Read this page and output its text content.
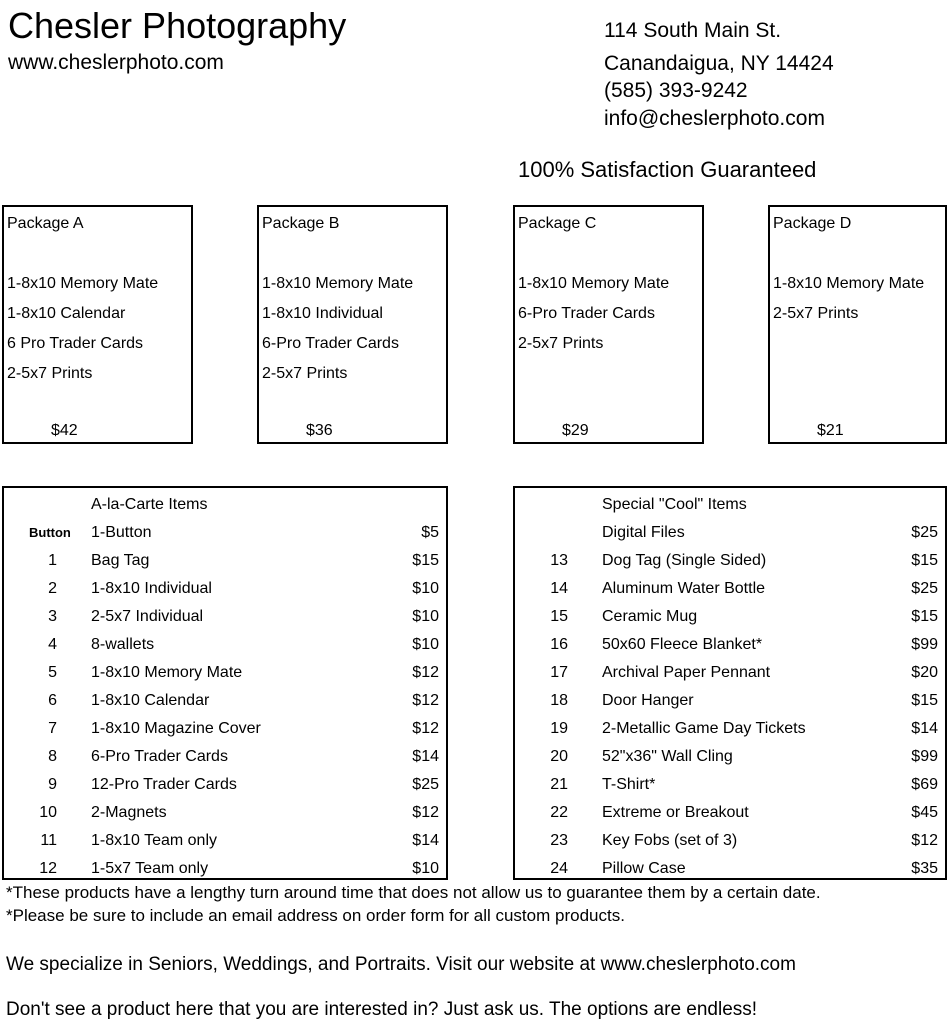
Chesler Photography
www.cheslerphoto.com
114 South Main St.
Canandaigua, NY 14424
(585) 393-9242
info@cheslerphoto.com
100% Satisfaction Guaranteed
Package A
1-8x10 Memory Mate
1-8x10 Calendar
6 Pro Trader Cards
2-5x7 Prints
$42
Package B
1-8x10 Memory Mate
1-8x10 Individual
6-Pro Trader Cards
2-5x7 Prints
$36
Package C
1-8x10 Memory Mate
6-Pro Trader Cards
2-5x7 Prints
$29
Package D
1-8x10 Memory Mate
2-5x7 Prints
$21
A-la-Carte Items
Button 1-Button	$5
1 Bag Tag	$15
2 1-8x10 Individual	$10
3 2-5x7 Individual	$10
4 8-wallets	$10
5 1-8x10 Memory Mate	$12
6 1-8x10 Calendar	$12
7 1-8x10 Magazine Cover	$12
8 6-Pro Trader Cards	$14
9 12-Pro Trader Cards	$25
10 2-Magnets	$12
11 1-8x10 Team only	$14
12 1-5x7 Team only	$10
Special "Cool" Items
Digital Files	$25
13 Dog Tag (Single Sided)	$15
14 Aluminum Water Bottle	$25
15 Ceramic Mug	$15
16 50x60 Fleece Blanket*	$99
17 Archival Paper Pennant	$20
18 Door Hanger	$15
19 2-Metallic Game Day Tickets	$14
20 52"x36" Wall Cling	$99
21 T-Shirt*	$69
22 Extreme or Breakout	$45
23 Key Fobs (set of 3)	$12
24 Pillow Case	$35
*These products have a lengthy turn around time that does not allow us to guarantee them by a certain date.
*Please be sure to include an email address on order form for all custom products.
We specialize in Seniors, Weddings, and Portraits. Visit our website at www.cheslerphoto.com
Don't see a product here that you are interested in? Just ask us. The options are endless!
